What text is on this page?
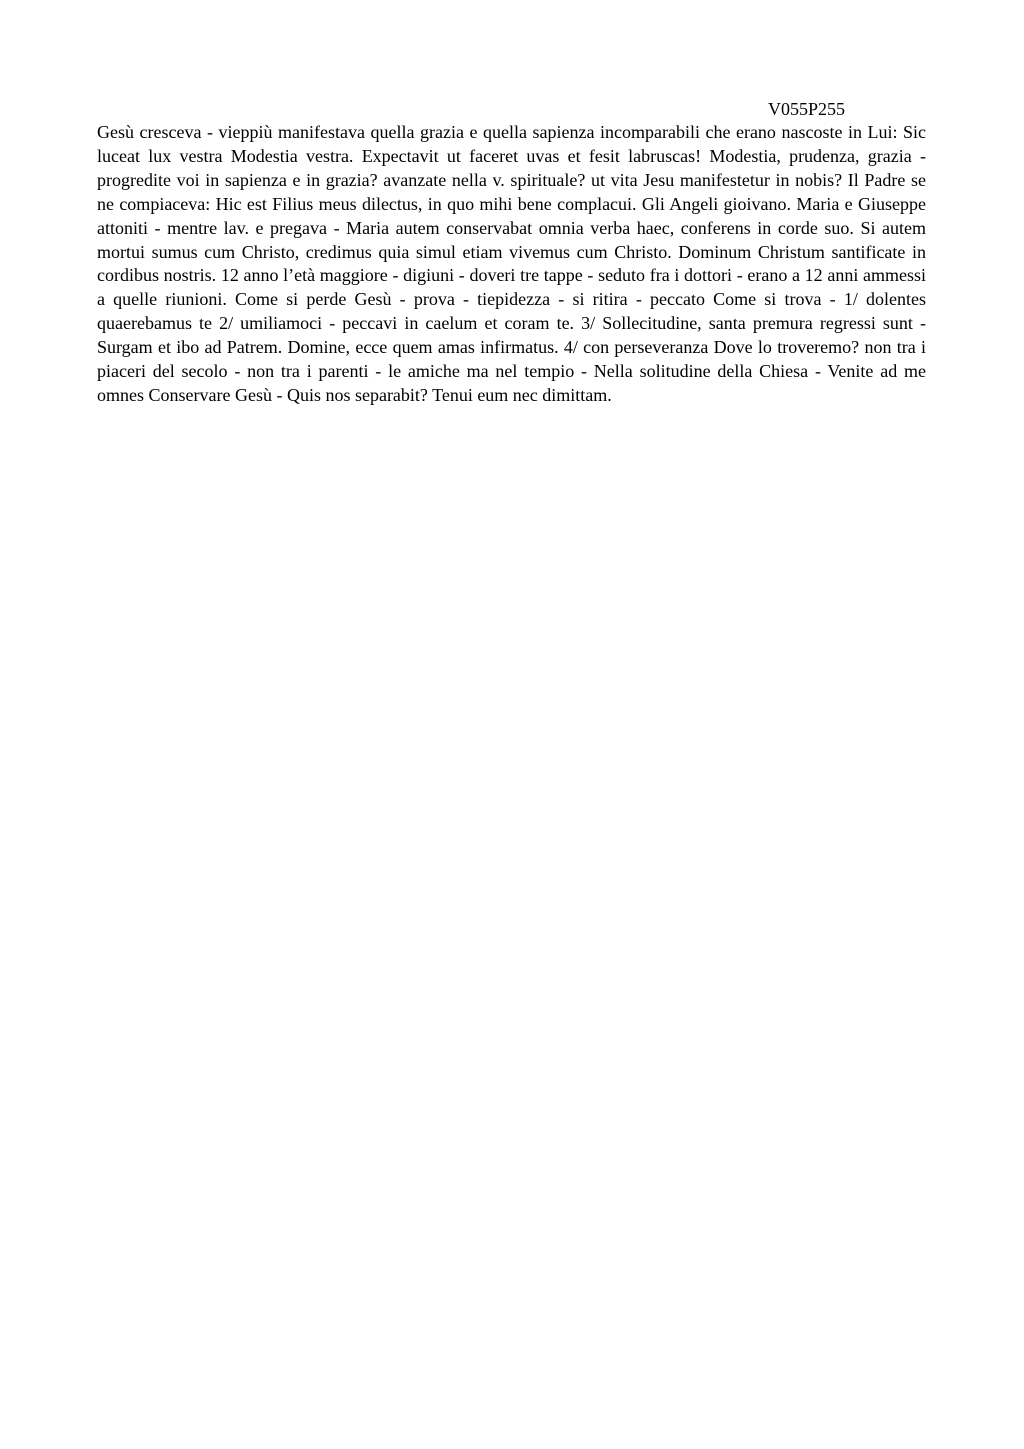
V055P255

Gesù cresceva - vieppiù manifestava quella grazia e quella sapienza incomparabili che erano nascoste in Lui: Sic luceat lux vestra Modestia vestra. Expectavit ut faceret uvas et fesit labruscas! Modestia, prudenza, grazia - progredite voi in sapienza e in grazia? avanzate nella v. spirituale? ut vita Jesu manifestetur in nobis? Il Padre se ne compiaceva: Hic est Filius meus dilectus, in quo mihi bene complacui. Gli Angeli gioivano. Maria e Giuseppe attoniti - mentre lav. e pregava - Maria autem conservabat omnia verba haec, conferens in corde suo. Si autem mortui sumus cum Christo, credimus quia simul etiam vivemus cum Christo. Dominum Christum santificate in cordibus nostris. 12 anno l’età maggiore - digiuni - doveri tre tappe - seduto fra i dottori - erano a 12 anni ammessi a quelle riunioni. Come si perde Gesù - prova - tiepidezza - si ritira - peccato Come si trova - 1/ dolentes quaerebamus te 2/ umiliamoci - peccavi in caelum et coram te. 3/ Sollecitudine, santa premura regressi sunt - Surgam et ibo ad Patrem. Domine, ecce quem amas infirmatus. 4/ con perseveranza Dove lo troveremo? non tra i piaceri del secolo - non tra i parenti - le amiche ma nel tempio - Nella solitudine della Chiesa - Venite ad me omnes Conservare Gesù - Quis nos separabit? Tenui eum nec dimittam.
